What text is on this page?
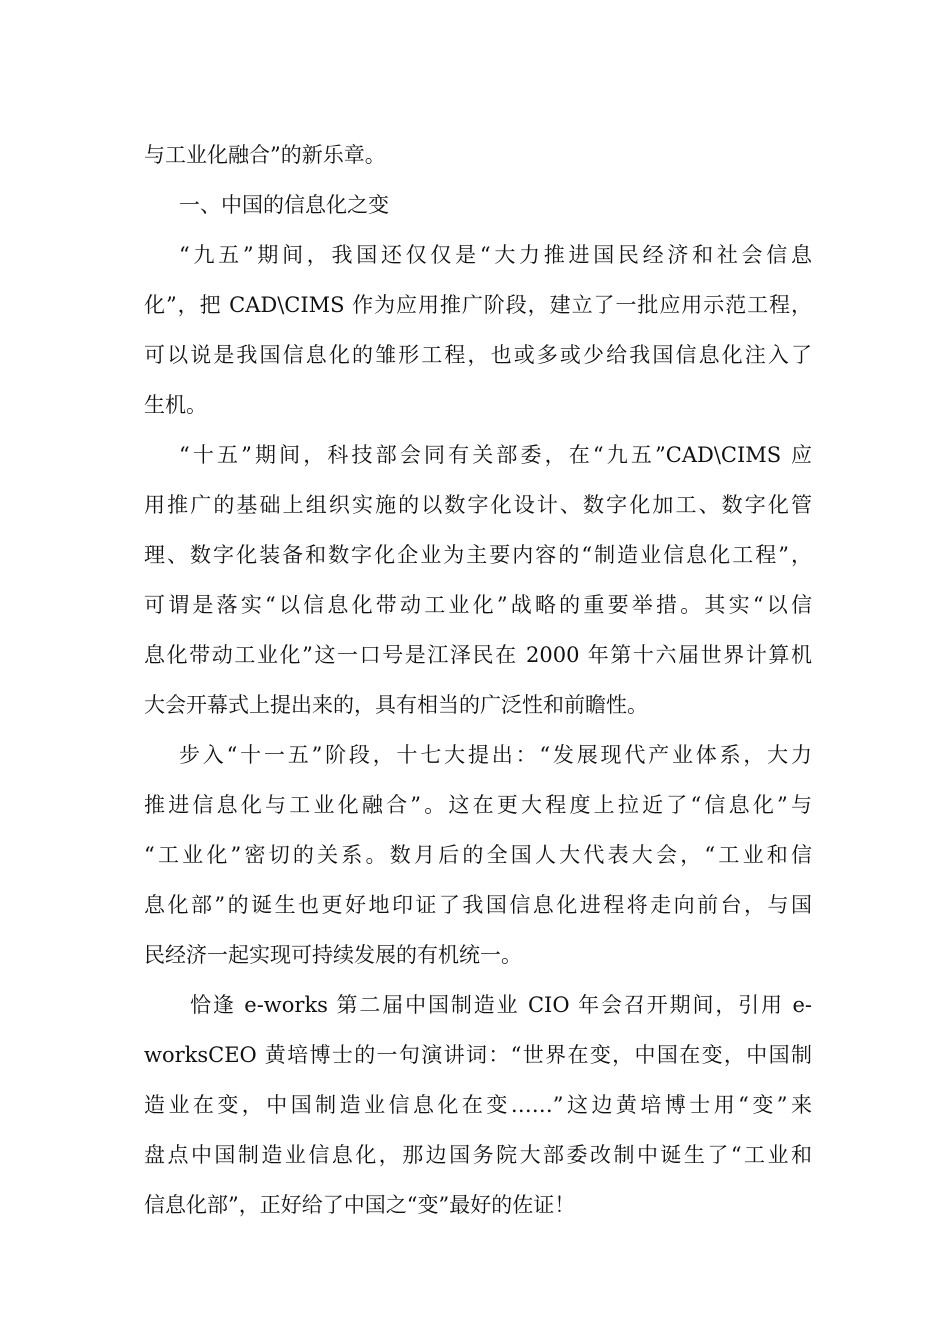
与工业化融合”的新乐章。
一、中国的信息化之变
“九五”期间，我国还仅仅是“大力推进国民经济和社会信息
化”，把 CAD\CIMS 作为应用推广阶段，建立了一批应用示范工程，
可以说是我国信息化的雏形工程，也或多或少给我国信息化注入了
生机。
“十五”期间，科技部会同有关部委，在“九五”CAD\CIMS 应
用推广的基础上组织实施的以数字化设计、数字化加工、数字化管
理、数字化装备和数字化企业为主要内容的“制造业信息化工程”，
可谓是落实“以信息化带动工业化”战略的重要举措。其实“以信
息化带动工业化”这一口号是江泽民在 2000 年第十六届世界计算机
大会开幕式上提出来的，具有相当的广泛性和前瞻性。
步入“十一五”阶段，十七大提出：“发展现代产业体系，大力
推进信息化与工业化融合”。这在更大程度上拉近了“信息化”与
“工业化”密切的关系。数月后的全国人大代表大会，“工业和信
息化部”的诞生也更好地印证了我国信息化进程将走向前台，与国
民经济一起实现可持续发展的有机统一。
恰逢 e-works 第二届中国制造业 CIO 年会召开期间，引用 e-
worksCEO 黄培博士的一句演讲词：“世界在变，中国在变，中国制
造业在变，中国制造业信息化在变……”这边黄培博士用“变”来
盘点中国制造业信息化，那边国务院大部委改制中诞生了“工业和
信息化部”，正好给了中国之“变”最好的佐证！
